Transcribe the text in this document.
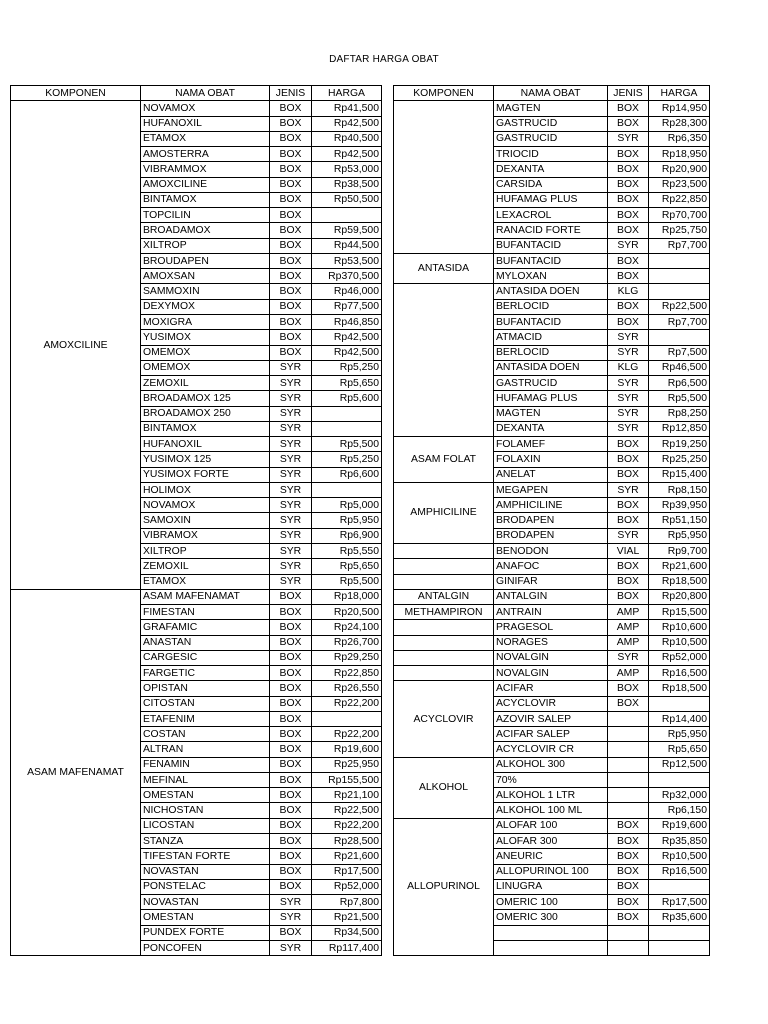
DAFTAR HARGA OBAT
KOMPONEN	NAMA OBAT	JENIS	HARGA
AMOXCILINE	NOVAMOX	BOX	Rp41,500
	HUFANOXIL	BOX	Rp42,500
	ETAMOX	BOX	Rp40,500
	AMOSTERRA	BOX	Rp42,500
	VIBRAMMOX	BOX	Rp53,000
	AMOXCILINE	BOX	Rp38,500
	BINTAMOX	BOX	Rp50,500
	TOPCILIN	BOX	
	BROADAMOX	BOX	Rp59,500
	XILTROP	BOX	Rp44,500
	BROUDAPEN	BOX	Rp53,500
	AMOXSAN	BOX	Rp370,500
	SAMMOXIN	BOX	Rp46,000
	DEXYMOX	BOX	Rp77,500
	MOXIGRA	BOX	Rp46,850
	YUSIMOX	BOX	Rp42,500
	OMEMOX	BOX	Rp42,500
	OMEMOX	SYR	Rp5,250
	ZEMOXIL	SYR	Rp5,650
	BROADAMOX 125	SYR	Rp5,600
	BROADAMOX 250	SYR	
	BINTAMOX	SYR	
	HUFANOXIL	SYR	Rp5,500
	YUSIMOX 125	SYR	Rp5,250
	YUSIMOX FORTE	SYR	Rp6,600
	HOLIMOX	SYR	
	NOVAMOX	SYR	Rp5,000
	SAMOXIN	SYR	Rp5,950
	VIBRAMOX	SYR	Rp6,900
	XILTROP	SYR	Rp5,550
	ZEMOXIL	SYR	Rp5,650
	ETAMOX	SYR	Rp5,500
ASAM MAFENAMAT	ASAM MAFENAMAT	BOX	Rp18,000
	FIMESTAN	BOX	Rp20,500
	GRAFAMIC	BOX	Rp24,100
	ANASTAN	BOX	Rp26,700
	CARGESIC	BOX	Rp29,250
	FARGETIC	BOX	Rp22,850
	OPISTAN	BOX	Rp26,550
	CITOSTAN	BOX	Rp22,200
	ETAFENIM	BOX	
	COSTAN	BOX	Rp22,200
	ALTRAN	BOX	Rp19,600
	FENAMIN	BOX	Rp25,950
	MEFINAL	BOX	Rp155,500
	OMESTAN	BOX	Rp21,100
	NICHOSTAN	BOX	Rp22,500
	LICOSTAN	BOX	Rp22,200
	STANZA	BOX	Rp28,500
	TIFESTAN FORTE	BOX	Rp21,600
	NOVASTAN	BOX	Rp17,500
	PONSTELAC	BOX	Rp52,000
	NOVASTAN	SYR	Rp7,800
	OMESTAN	SYR	Rp21,500
	PUNDEX FORTE	BOX	Rp34,500
	PONCOFEN	SYR	Rp117,400
KOMPONEN	NAMA OBAT	JENIS	HARGA
	MAGTEN	BOX	Rp14,950
	GASTRUCID	BOX	Rp28,300
	GASTRUCID	SYR	Rp6,350
	TRIOCID	BOX	Rp18,950
	DEXANTA	BOX	Rp20,900
	CARSIDA	BOX	Rp23,500
	HUFAMAG PLUS	BOX	Rp22,850
	LEXACROL	BOX	Rp70,700
	RANACID FORTE	BOX	Rp25,750
	BUFANTACID	SYR	Rp7,700
ANTASIDA	BUFANTACID	BOX	
	MYLOXAN	BOX	
	ANTASIDA DOEN	KLG	
	BERLOCID	BOX	Rp22,500
	BUFANTACID	BOX	Rp7,700
	ATMACID	SYR	
	BERLOCID	SYR	Rp7,500
	ANTASIDA DOEN	KLG	Rp46,500
	GASTRUCID	SYR	Rp6,500
	HUFAMAG PLUS	SYR	Rp5,500
	MAGTEN	SYR	Rp8,250
	DEXANTA	SYR	Rp12,850
ASAM FOLAT	FOLAMEF	BOX	Rp19,250
	FOLAXIN	BOX	Rp25,250
	ANELAT	BOX	Rp15,400
AMPHICILINE	MEGAPEN	SYR	Rp8,150
	AMPHICILINE	BOX	Rp39,950
	BRODAPEN	BOX	Rp51,150
	BRODAPEN	SYR	Rp5,950
	BENODON	VIAL	Rp9,700
	ANAFOC	BOX	Rp21,600
	GINIFAR	BOX	Rp18,500
ANTALGIN	ANTALGIN	BOX	Rp20,800
METHAMPIRON	ANTRAIN	AMP	Rp15,500
	PRAGESOL	AMP	Rp10,600
	NORAGES	AMP	Rp10,500
	NOVALGIN	SYR	Rp52,000
	NOVALGIN	AMP	Rp16,500
ACYCLOVIR	ACIFAR	BOX	Rp18,500
	ACYCLOVIR	BOX	
	AZOVIR SALEP		Rp14,400
	ACIFAR SALEP		Rp5,950
	ACYCLOVIR CR		Rp5,650
ALKOHOL	ALKOHOL 300		Rp12,500
	70%		
	ALKOHOL 1 LTR		Rp32,000
	ALKOHOL 100 ML		Rp6,150
ALLOPURINOL	ALOFAR 100	BOX	Rp19,600
	ALOFAR 300	BOX	Rp35,850
	ANEURIC	BOX	Rp10,500
	ALLOPURINOL 100	BOX	Rp16,500
	LINUGRA	BOX	
	OMERIC 100	BOX	Rp17,500
	OMERIC 300	BOX	Rp35,600
